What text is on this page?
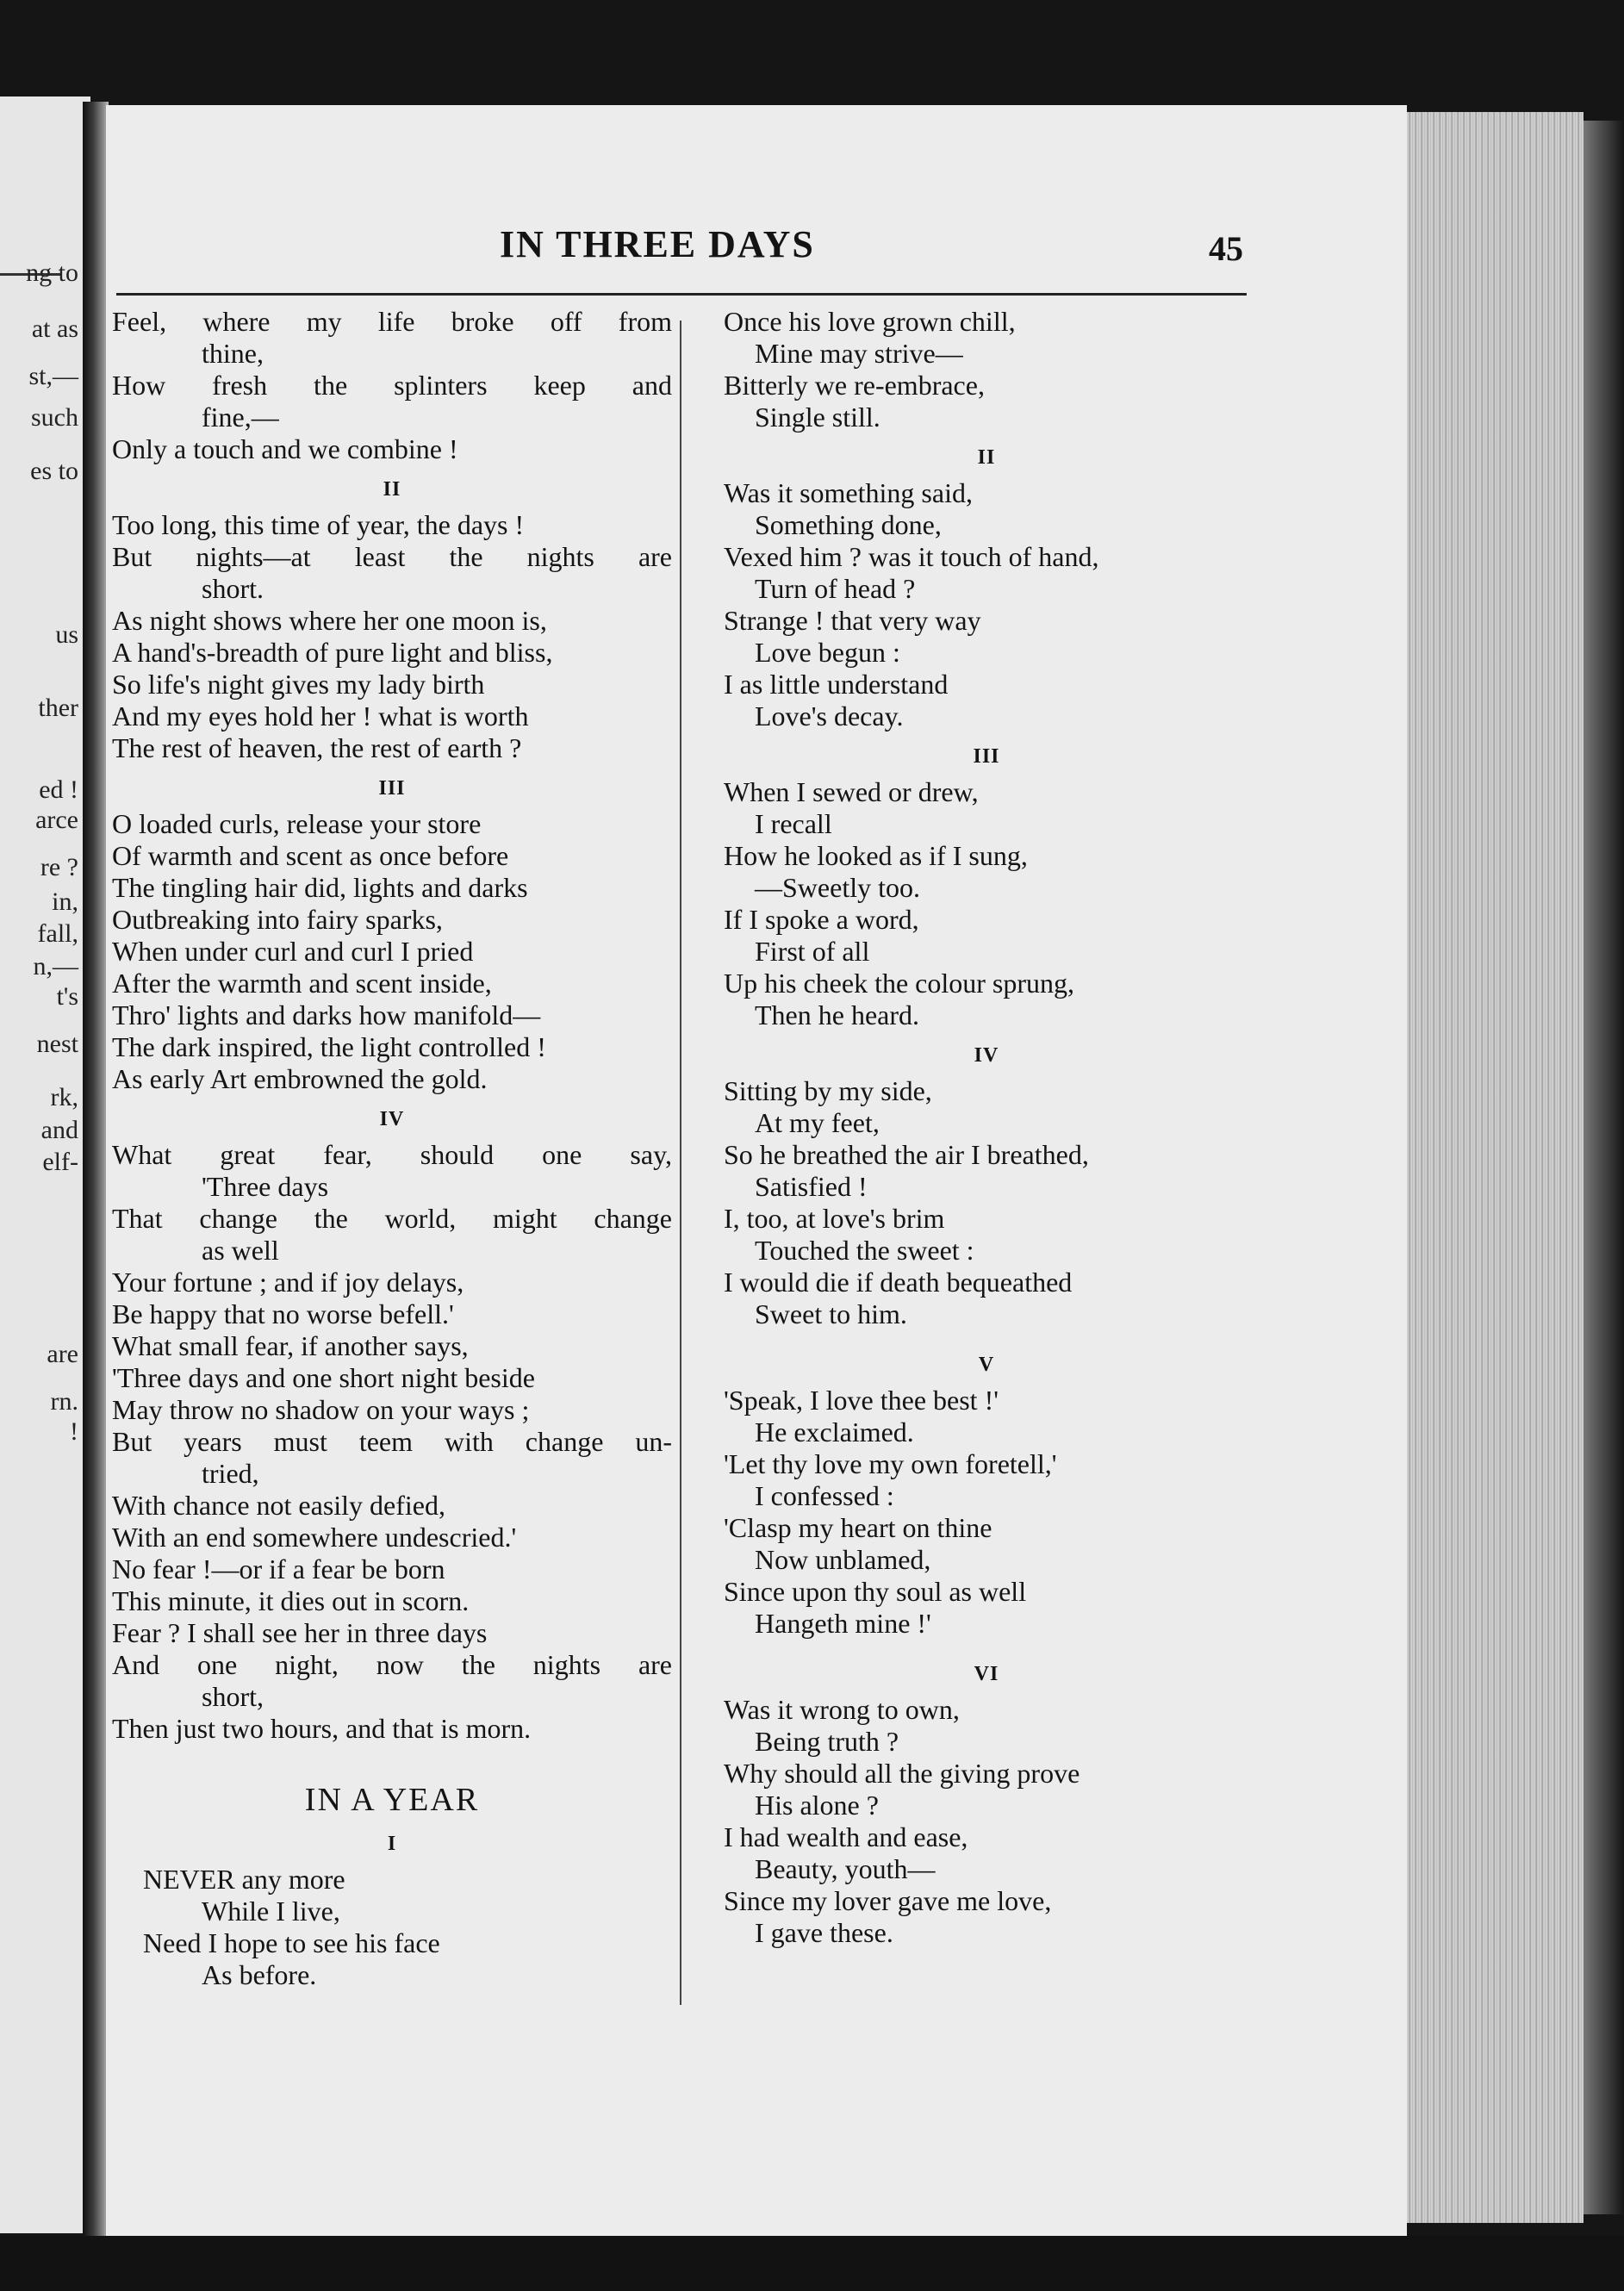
ng to
at as
st,—
such
es to
us
ther
ed !
arce
re ?
in,
fall,
n,—
t's
nest
rk,
and
elf-
are
rn.
!
IN THREE DAYS	45
Feel, where my life broke off from
thine,
How fresh the splinters keep and
fine,—
Only a touch and we combine !
II
Too long, this time of year, the days !
But nights—at least the nights are
short.
As night shows where her one moon is,
A hand's-breadth of pure light and bliss,
So life's night gives my lady birth
And my eyes hold her ! what is worth
The rest of heaven, the rest of earth ?
III
O loaded curls, release your store
Of warmth and scent as once before
The tingling hair did, lights and darks
Outbreaking into fairy sparks,
When under curl and curl I pried
After the warmth and scent inside,
Thro' lights and darks how manifold—
The dark inspired, the light controlled !
As early Art embrowned the gold.
IV
What great fear, should one say,
'Three days
That change the world, might change
as well
Your fortune ; and if joy delays,
Be happy that no worse befell.'
What small fear, if another says,
'Three days and one short night beside
May throw no shadow on your ways ;
But years must teem with change un-
tried,
With chance not easily defied,
With an end somewhere undescried.'
No fear !—or if a fear be born
This minute, it dies out in scorn.
Fear ? I shall see her in three days
And one night, now the nights are
short,
Then just two hours, and that is morn.
IN A YEAR
I
NEVER any more
While I live,
Need I hope to see his face
As before.
Once his love grown chill,
Mine may strive—
Bitterly we re-embrace,
Single still.
II
Was it something said,
Something done,
Vexed him ? was it touch of hand,
Turn of head ?
Strange ! that very way
Love begun :
I as little understand
Love's decay.
III
When I sewed or drew,
I recall
How he looked as if I sung,
—Sweetly too.
If I spoke a word,
First of all
Up his cheek the colour sprung,
Then he heard.
IV
Sitting by my side,
At my feet,
So he breathed the air I breathed,
Satisfied !
I, too, at love's brim
Touched the sweet :
I would die if death bequeathed
Sweet to him.
V
'Speak, I love thee best !'
He exclaimed.
'Let thy love my own foretell,'
I confessed :
'Clasp my heart on thine
Now unblamed,
Since upon thy soul as well
Hangeth mine !'
VI
Was it wrong to own,
Being truth ?
Why should all the giving prove
His alone ?
I had wealth and ease,
Beauty, youth—
Since my lover gave me love,
I gave these.
